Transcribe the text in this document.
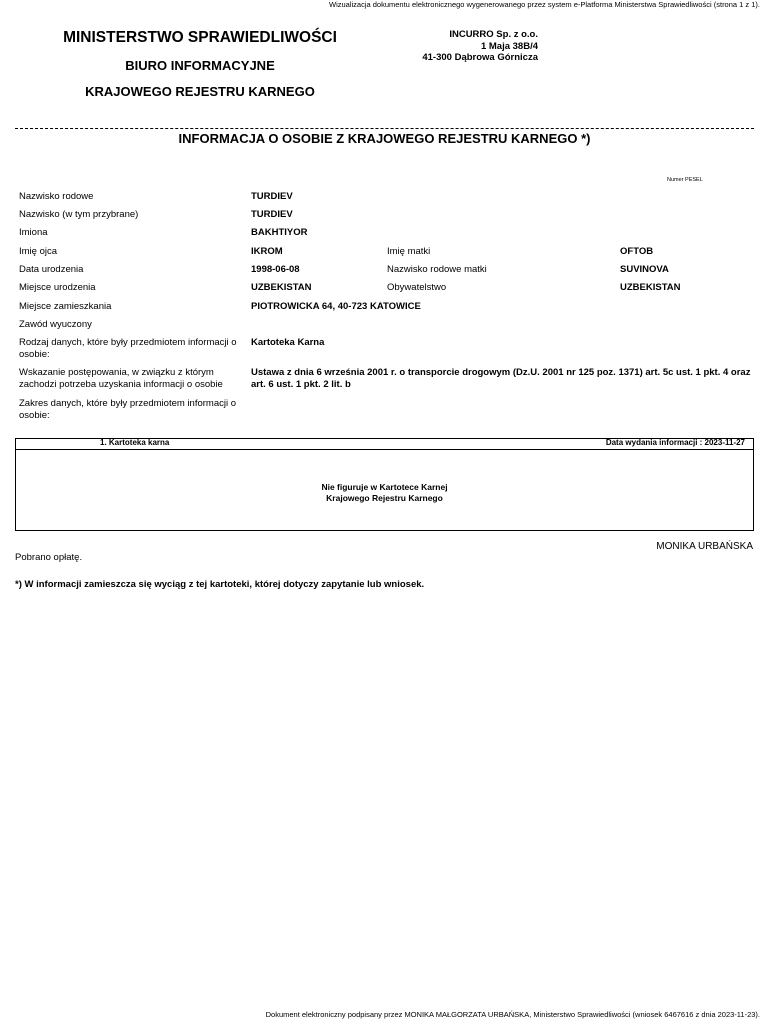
Wizualizacja dokumentu elektronicznego wygenerowanego przez system e-Platforma Ministerstwa Sprawiedliwości (strona 1 z 1).
MINISTERSTWO SPRAWIEDLIWOŚCI
BIURO INFORMACYJNE
KRAJOWEGO REJESTRU KARNEGO
INCURRO Sp. z o.o.
1 Maja 38B/4
41-300 Dąbrowa Górnicza
INFORMACJA O OSOBIE Z KRAJOWEGO REJESTRU KARNEGO *)
Numer PESEL
Nazwisko rodowe	TURDIEV
Nazwisko (w tym przybrane)	TURDIEV
Imiona	BAKHTIYOR
Imię ojca	IKROM	Imię matki	OFTOB
Data urodzenia	1998-06-08	Nazwisko rodowe matki	SUVINOVA
Miejsce urodzenia	UZBEKISTAN	Obywatelstwo	UZBEKISTAN
Miejsce zamieszkania	PIOTROWICKA 64, 40-723 KATOWICE
Zawód wyuczony
Rodzaj danych, które były przedmiotem informacji o osobie:
Kartoteka Karna
Wskazanie postępowania, w związku z którym zachodzi potrzeba uzyskania informacji o osobie
Ustawa z dnia 6 września 2001 r. o transporcie drogowym (Dz.U. 2001 nr 125 poz. 1371) art. 5c ust. 1 pkt. 4 oraz art. 6 ust. 1 pkt. 2 lit. b
Zakres danych, które były przedmiotem informacji o osobie:
1. Kartoteka karna	Data wydania informacji : 2023-11-27
Nie figuruje w Kartotece Karnej
Krajowego Rejestru Karnego
MONIKA URBAŃSKA
Pobrano opłatę.
*) W informacji zamieszcza się wyciąg z tej kartoteki, której dotyczy zapytanie lub wniosek.
Dokument elektroniczny podpisany przez MONIKA MAŁGORZATA URBAŃSKA, Ministerstwo Sprawiedliwości (wniosek 6467616 z dnia 2023-11-23).
